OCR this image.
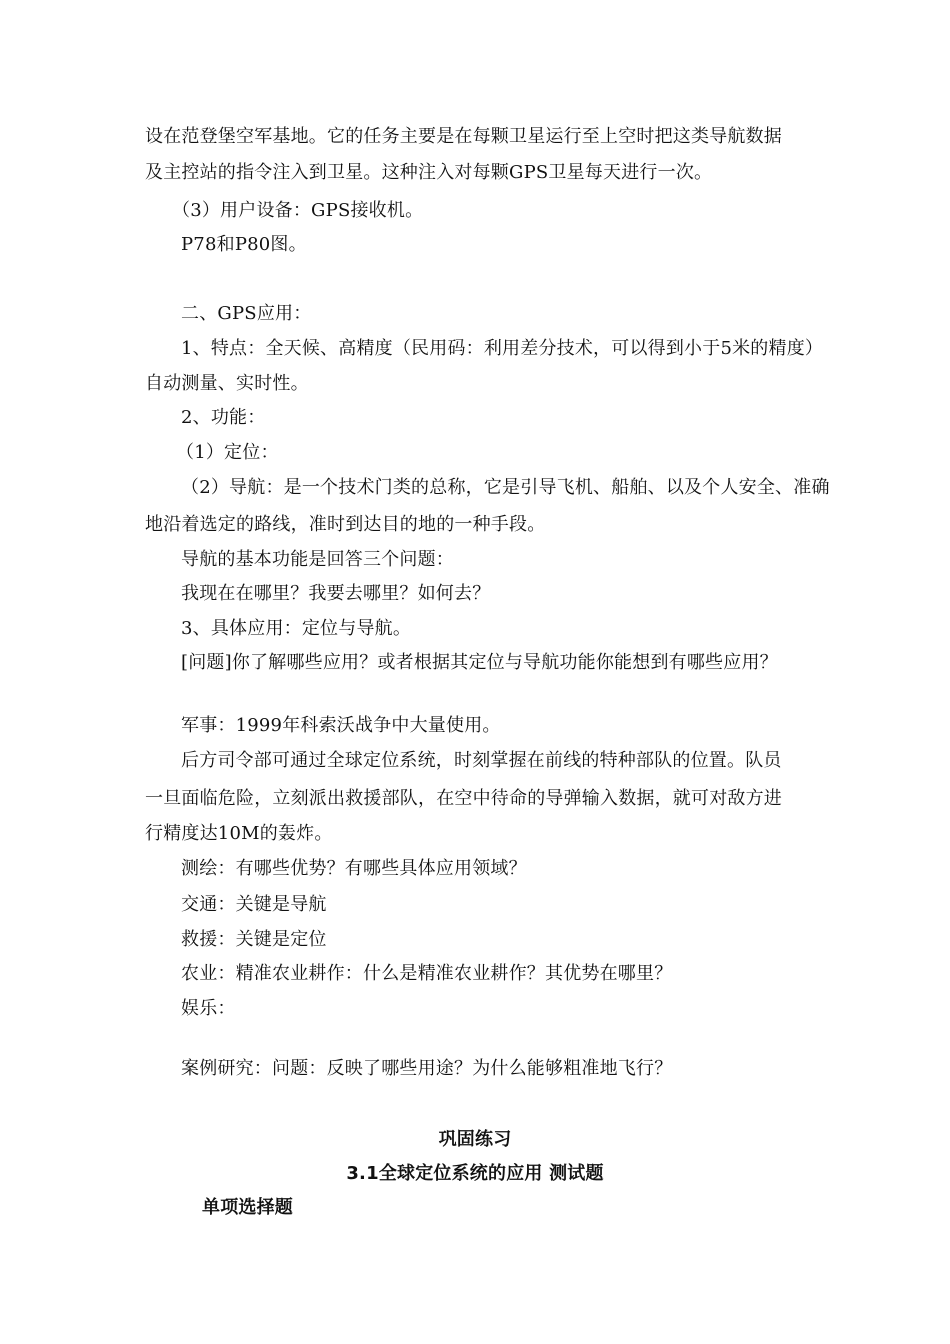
设在范登堡空军基地。它的任务主要是在每颗卫星运行至上空时把这类导航数据
及主控站的指令注入到卫星。这种注入对每颗GPS卫星每天进行一次。
（3）用户设备：GPS接收机。
P78和P80图。
二、GPS应用：
1、特点：全天候、高精度（民用码：利用差分技术，可以得到小于5米的精度）
自动测量、实时性。
2、功能：
（1）定位：
（2）导航：是一个技术门类的总称，它是引导飞机、船舶、以及个人安全、准确
地沿着选定的路线，准时到达目的地的一种手段。
导航的基本功能是回答三个问题：
我现在在哪里？我要去哪里？如何去？
3、具体应用：定位与导航。
[问题]你了解哪些应用？或者根据其定位与导航功能你能想到有哪些应用？
军事：1999年科索沃战争中大量使用。
后方司令部可通过全球定位系统，时刻掌握在前线的特种部队的位置。队员
一旦面临危险，立刻派出救援部队，在空中待命的导弹输入数据，就可对敌方进
行精度达10M的轰炸。
测绘：有哪些优势？有哪些具体应用领域？
交通：关键是导航
救援：关键是定位
农业：精准农业耕作：什么是精准农业耕作？其优势在哪里？
娱乐：
案例研究：问题：反映了哪些用途？为什么能够粗准地飞行？
巩固练习
3.1全球定位系统的应用 测试题
单项选择题
